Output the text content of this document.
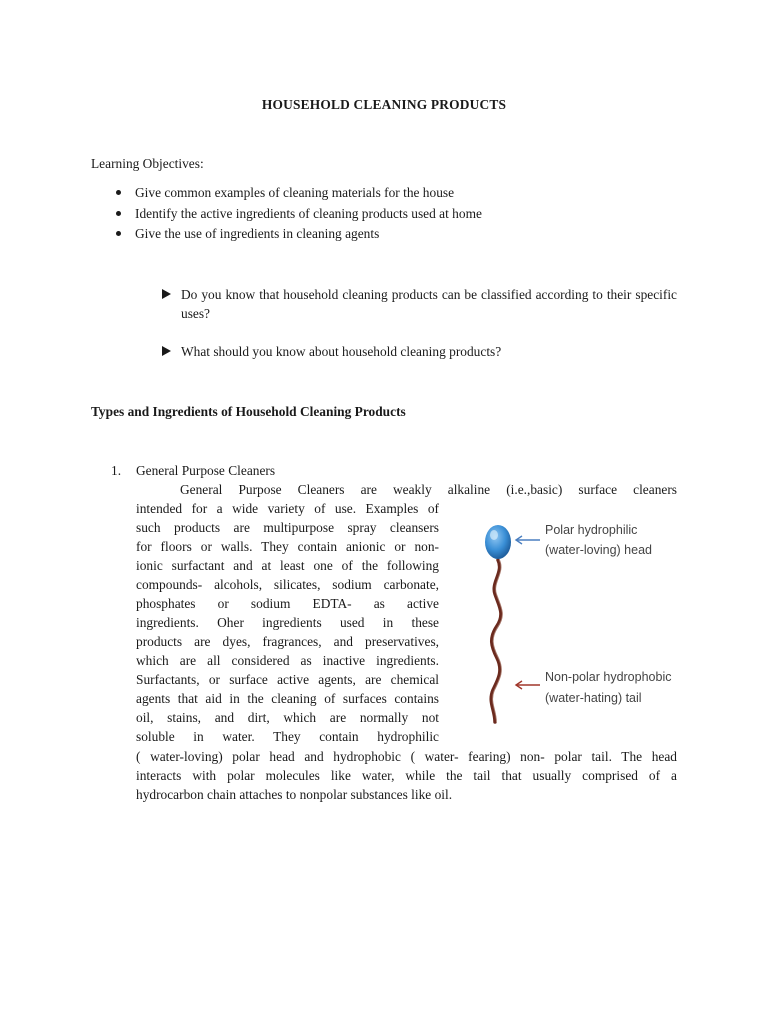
HOUSEHOLD CLEANING PRODUCTS
Learning Objectives:
Give common examples of cleaning materials for the house
Identify the active ingredients of cleaning products used at home
Give the use of ingredients in cleaning agents
Do you know that household cleaning products can be classified according to their specific uses?
What should you know about household cleaning products?
Types and Ingredients of Household Cleaning Products
1. General Purpose Cleaners
General Purpose Cleaners are weakly alkaline (i.e.,basic) surface cleaners
intended for a wide variety of use. Examples of
such products are multipurpose spray cleansers
for floors or walls. They contain anionic or non-
ionic surfactant and at least one of the following
compounds- alcohols, silicates, sodium carbonate,
phosphates or sodium EDTA- as active
ingredients. Oher ingredients used in these
products are dyes, fragrances, and preservatives,
which are all considered as inactive ingredients.
Surfactants, or surface active agents, are chemical
agents that aid in the cleaning of surfaces contains
oil, stains, and dirt, which are normally not
soluble in water. They contain hydrophilic
( water-loving) polar head and hydrophobic ( water- fearing) non- polar tail. The head
interacts with polar molecules like water, while the tail that usually comprised of a
hydrocarbon chain attaches to nonpolar substances like oil.
Polar hydrophilic
(water-loving) head
Non-polar hydrophobic
(water-hating) tail
